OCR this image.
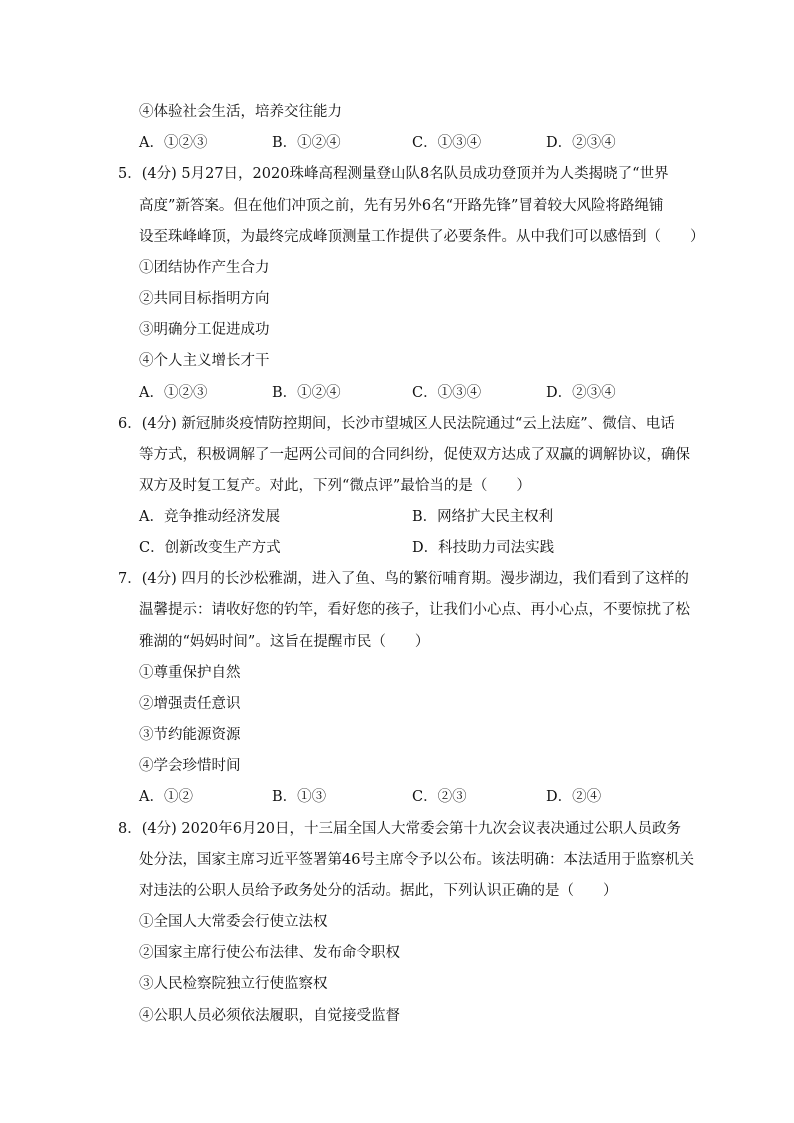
④体验社会生活，培养交往能力
A．①②③	B．①②④	C．①③④	D．②③④
5．(4分) 5月27日，2020珠峰高程测量登山队8名队员成功登顶并为人类揭晓了“世界
高度”新答案。但在他们冲顶之前，先有另外6名“开路先锋”冒着较大风险将路绳铺
设至珠峰峰顶，为最终完成峰顶测量工作提供了必要条件。从中我们可以感悟到（　　）
①团结协作产生合力
②共同目标指明方向
③明确分工促进成功
④个人主义增长才干
A．①②③	B．①②④	C．①③④	D．②③④
6．(4分) 新冠肺炎疫情防控期间，长沙市望城区人民法院通过“云上法庭”、微信、电话
等方式，积极调解了一起两公司间的合同纠纷，促使双方达成了双赢的调解协议，确保
双方及时复工复产。对此，下列“微点评”最恰当的是（　　）
A．竞争推动经济发展	B．网络扩大民主权利
C．创新改变生产方式	D．科技助力司法实践
7．(4分) 四月的长沙松雅湖，进入了鱼、鸟的繁衍哺育期。漫步湖边，我们看到了这样的
温馨提示：请收好您的钓竿，看好您的孩子，让我们小心点、再小心点，不要惊扰了松
雅湖的“妈妈时间”。这旨在提醒市民（　　）
①尊重保护自然
②增强责任意识
③节约能源资源
④学会珍惜时间
A．①②	B．①③	C．②③	D．②④
8．(4分) 2020年6月20日，十三届全国人大常委会第十九次会议表决通过公职人员政务
处分法，国家主席习近平签署第46号主席令予以公布。该法明确：本法适用于监察机关
对违法的公职人员给予政务处分的活动。据此，下列认识正确的是（　　）
①全国人大常委会行使立法权
②国家主席行使公布法律、发布命令职权
③人民检察院独立行使监察权
④公职人员必须依法履职，自觉接受监督
